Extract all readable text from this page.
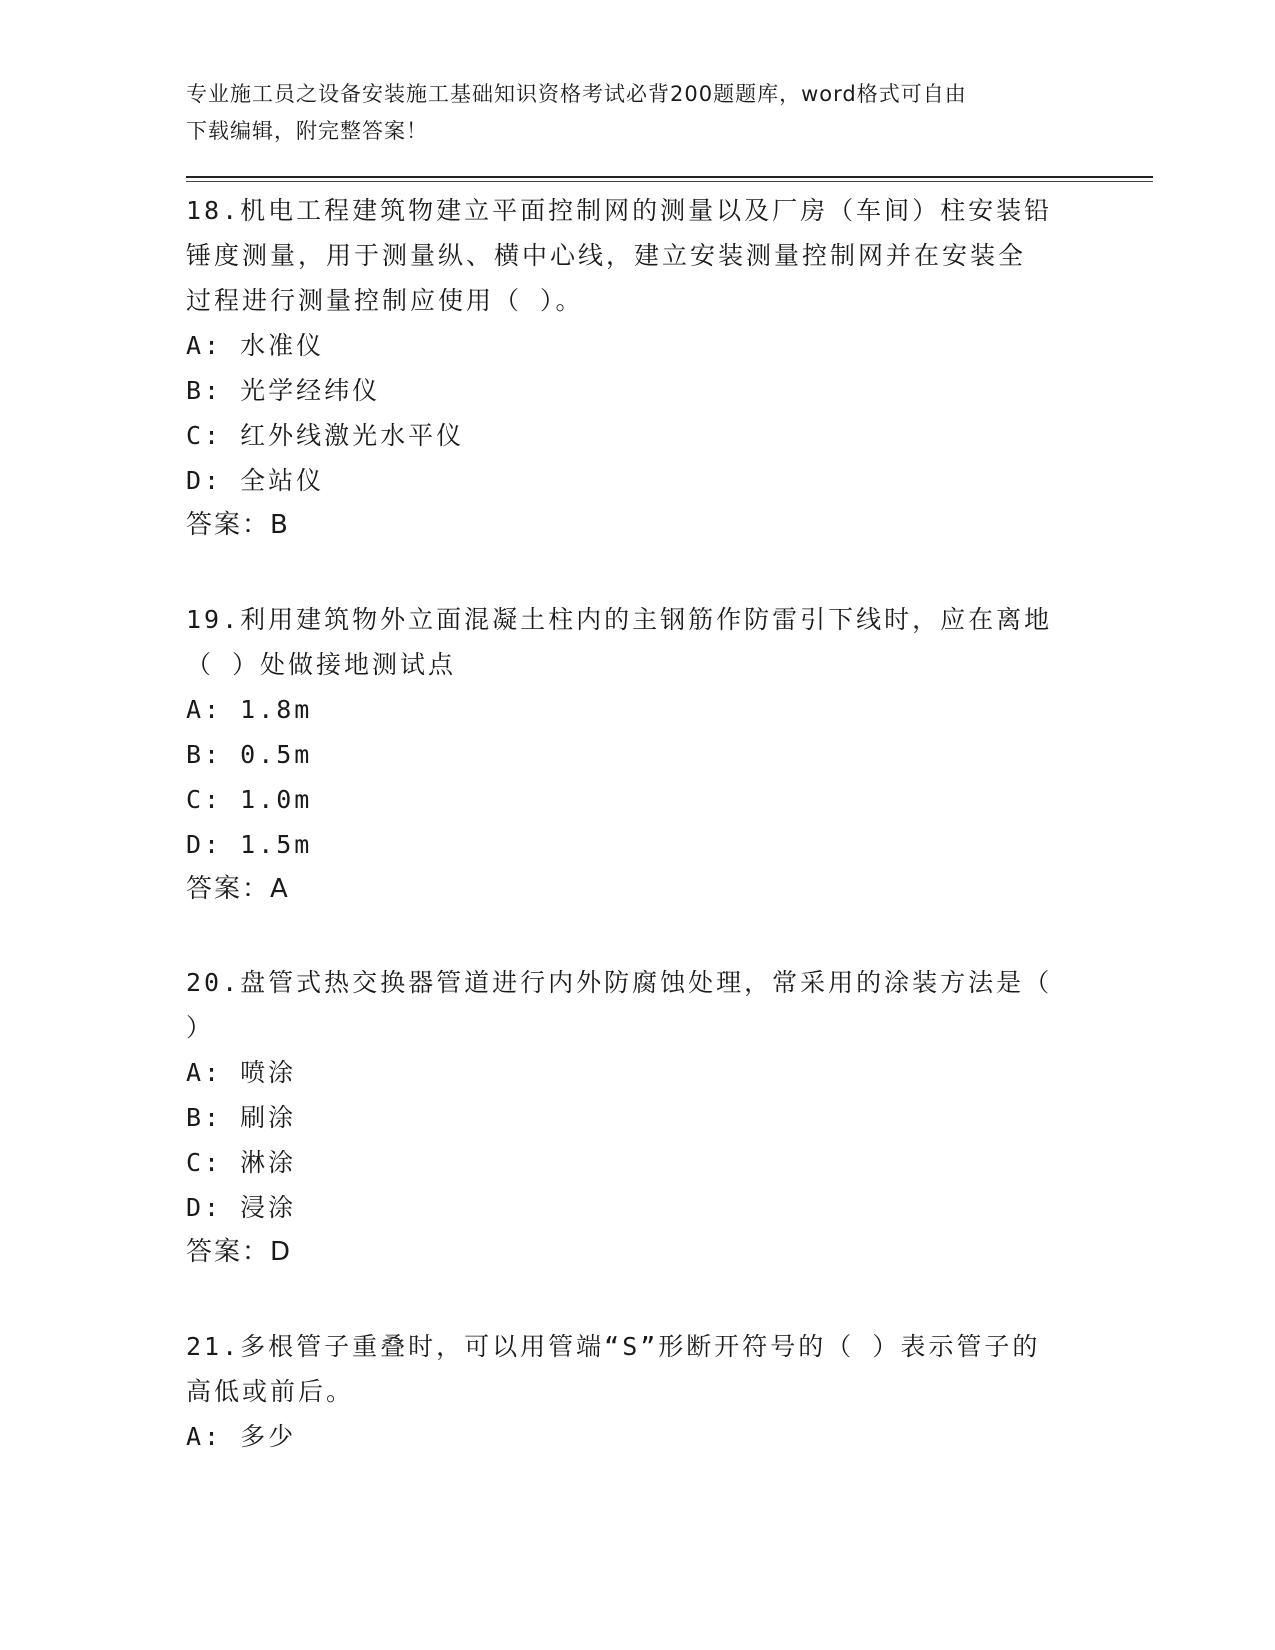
专业施工员之设备安装施工基础知识资格考试必背200题题库，word格式可自由
下载编辑，附完整答案！

18.机电工程建筑物建立平面控制网的测量以及厂房（车间）柱安装铅

锤度测量，用于测量纵、横中心线，建立安装测量控制网并在安装全

过程进行测量控制应使用（ ）。

A: 水准仪

B: 光学经纬仪

C: 红外线激光水平仪

D: 全站仪

答案：B

19.利用建筑物外立面混凝土柱内的主钢筋作防雷引下线时，应在离地

（ ）处做接地测试点

A: 1.8m

B: 0.5m

C: 1.0m

D: 1.5m

答案：A

20.盘管式热交换器管道进行内外防腐蚀处理，常采用的涂装方法是（

）

A: 喷涂

B: 刷涂

C: 淋涂

D: 浸涂

答案：D

21.多根管子重叠时，可以用管端“S”形断开符号的（ ）表示管子的

高低或前后。

A: 多少
